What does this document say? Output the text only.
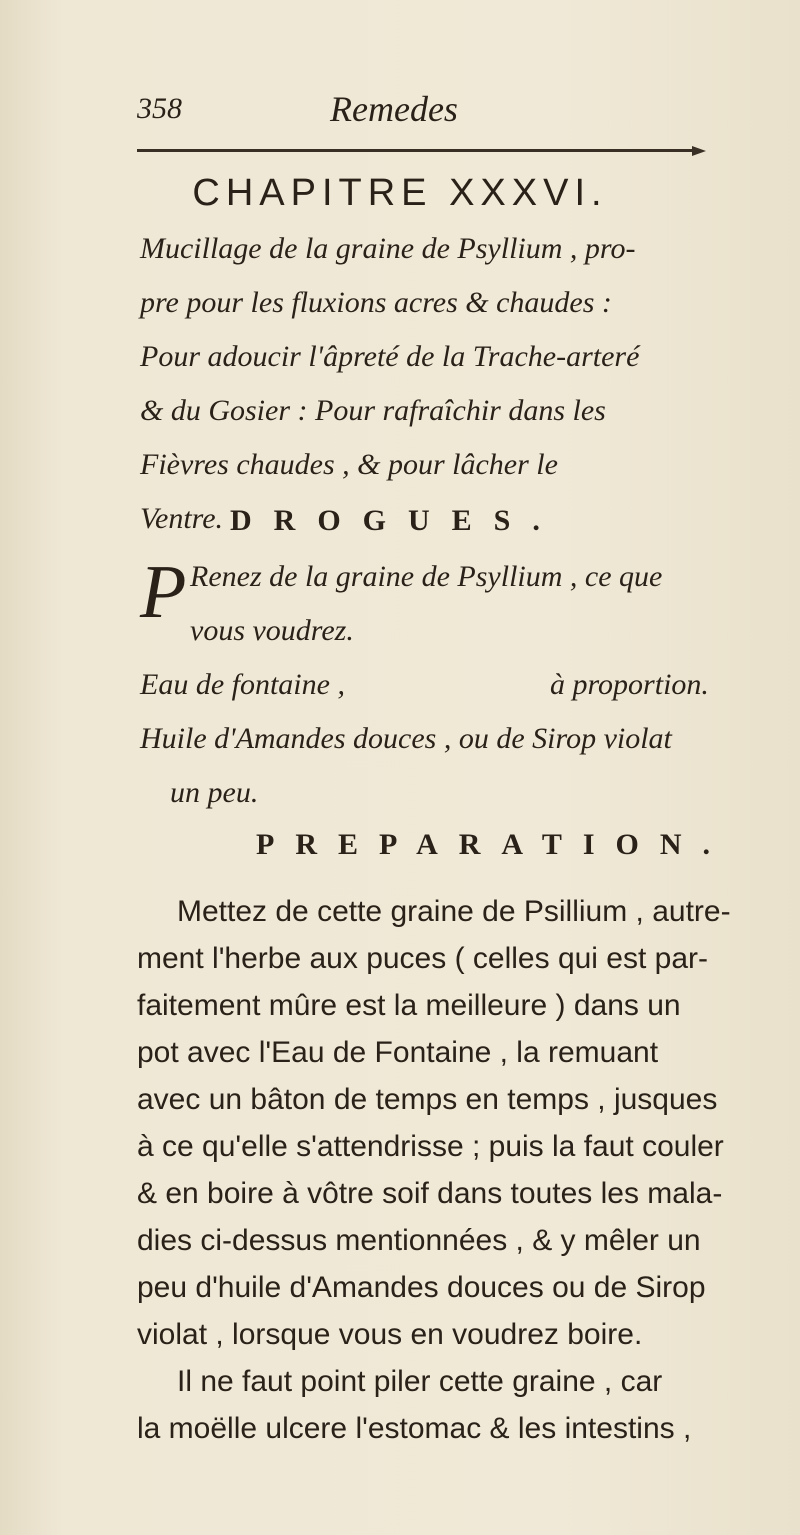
358	Remedes
CHAPITRE XXXVI.
Mucillage de la graine de Psyllium , pro-
pre pour les fluxions acres & chaudes :
Pour adoucir l'âpreté de la Trache-arteré
& du Gosier : Pour rafraîchir dans les
Fièvres chaudes , & pour lâcher le
Ventre. DROGUES.
P Renez de la graine de Psyllium , ce que
vous voudrez.
Eau de fontaine ,	à proportion.
Huile d'Amandes douces , ou de Sirop violat
un peu.
PREPARATION.
Mettez de cette graine de Psillium , autre-
ment l'herbe aux puces ( celles qui est par-
faitement mûre est la meilleure ) dans un
pot avec l'Eau de Fontaine , la remuant
avec un bâton de temps en temps , jusques
à ce qu'elle s'attendrisse ; puis la faut couler
& en boire à vôtre soif dans toutes les mala-
dies ci-dessus mentionnées , & y mêler un
peu d'huile d'Amandes douces ou de Sirop
violat , lorsque vous en voudrez boire.
Il ne faut point piler cette graine , car
la moëlle ulcere l'estomac & les intestins ,
